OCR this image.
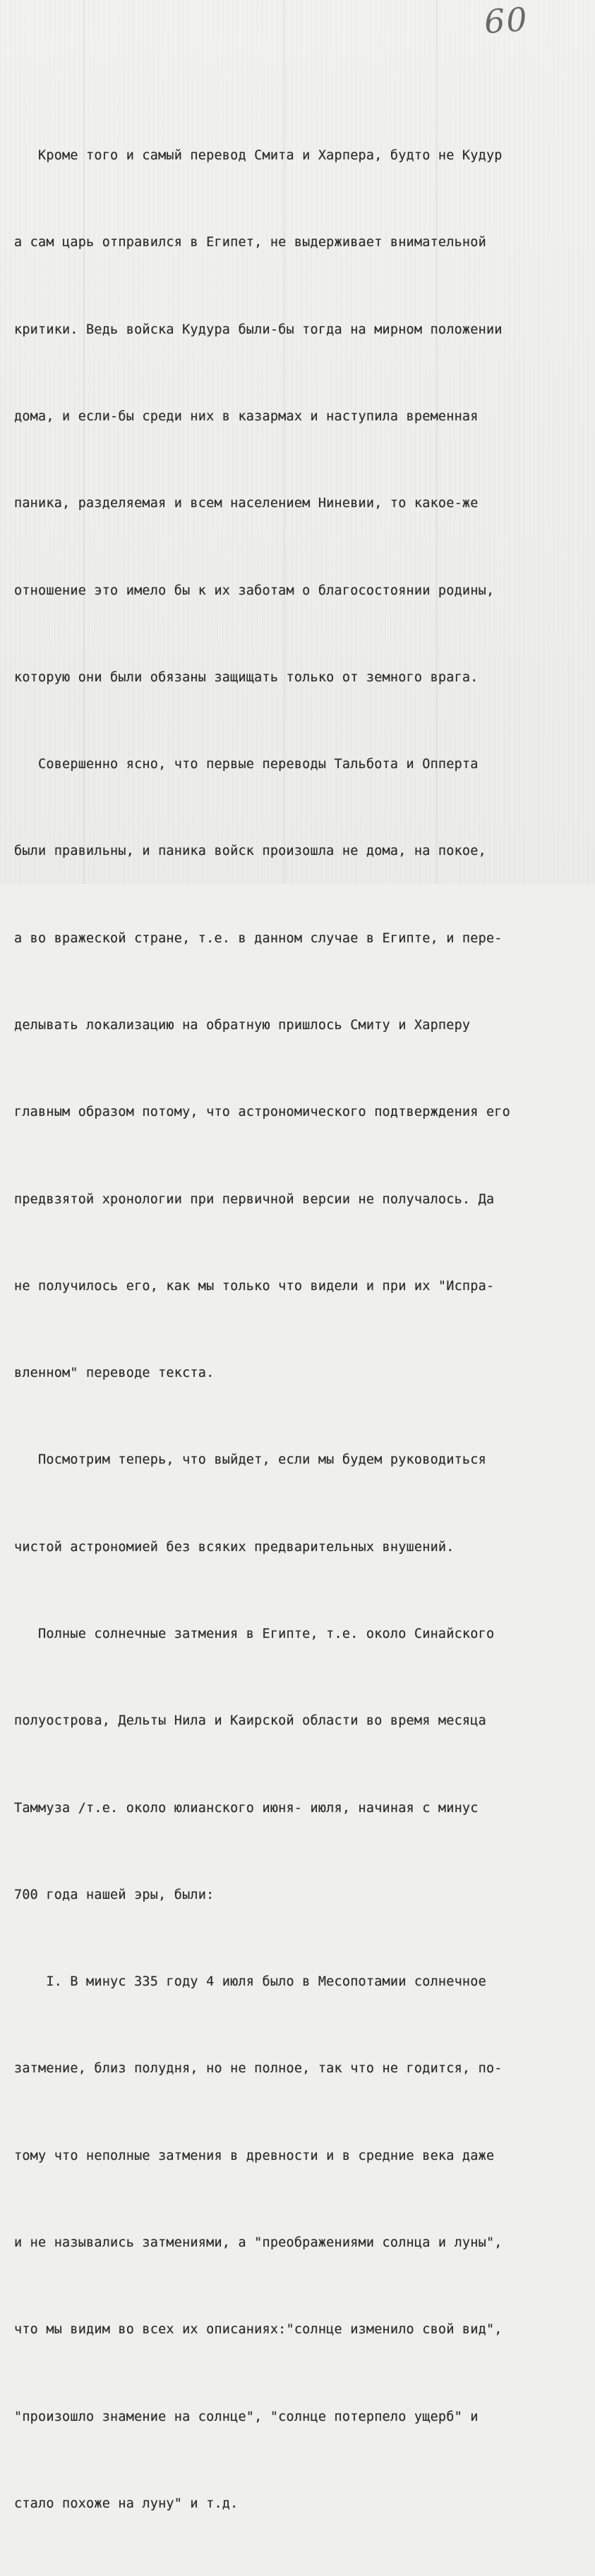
60

Кроме того и самый перевод Смита и Харпера, будто не Кудур

а сам царь отправился в Египет, не выдерживает внимательной

критики. Ведь войска Кудура были-бы тогда на мирном положении

дома, и если-бы среди них в казармах и наступила временная

паника, разделяемая и всем населением Ниневии, то какое-же

отношение это имело бы к их заботам о благосостоянии родины,

которую они были обязаны защищать только от земного врага.

Совершенно ясно, что первые переводы Тальбота и Опперта

были правильны, и паника войск произошла не дома, на покое,

а во вражеской стране, т.е. в данном случае в Египте, и пере-

делывать локализацию на обратную пришлось Смиту и Харперу

главным образом потому, что астрономического подтверждения его

предвзятой хронологии при первичной версии не получалось. Да

не получилось его, как мы только что видели и при их "Испра-

вленном" переводе текста.

Посмотрим теперь, что выйдет, если мы будем руководиться

чистой астрономией без всяких предварительных внушений.

Полные солнечные затмения в Египте, т.е. около Синайского

полуострова, Дельты Нила и Каирской области во время месяца

Таммуза /т.е. около юлианского июня- июля, начиная с минус

700 года нашей эры, были:

I. В минус 335 году 4 июля было в Месопотамии солнечное

затмение, близ полудня, но не полное, так что не годится, по-

тому что неполные затмения в древности и в средние века даже

и не назывались затмениями, а "преображениями солнца и луны",

что мы видим во всех их описаниях:"солнце изменило свой вид",

"произошло знамение на солнце", "солнце потерпело ущерб" и

стало похоже на луну" и т.д.
